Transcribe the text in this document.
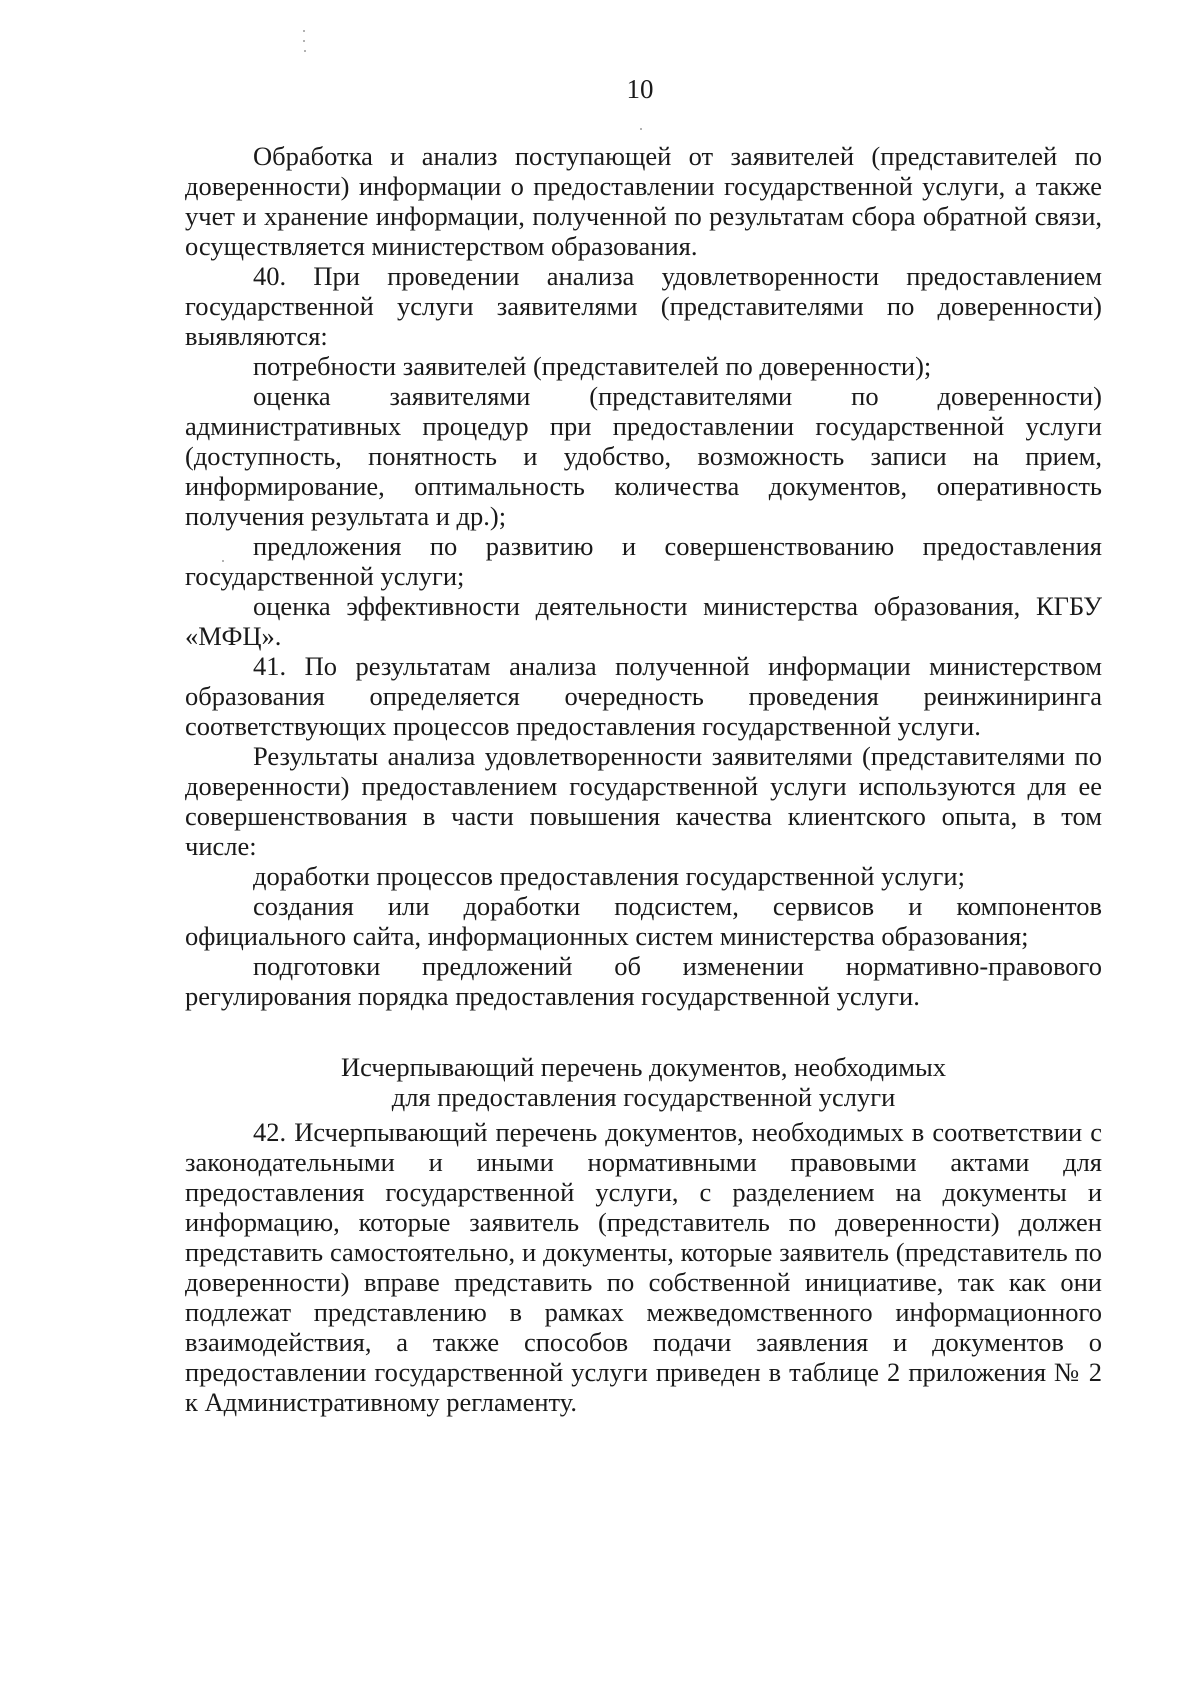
10

Обработка и анализ поступающей от заявителей (представителей по доверенности) информации о предоставлении государственной услуги, а также учет и хранение информации, полученной по результатам сбора обратной связи, осуществляется министерством образования.

40. При проведении анализа удовлетворенности предоставлением государственной услуги заявителями (представителями по доверенности) выявляются:

потребности заявителей (представителей по доверенности);

оценка заявителями (представителями по доверенности) административных процедур при предоставлении государственной услуги (доступность, понятность и удобство, возможность записи на прием, информирование, оптимальность количества документов, оперативность получения результата и др.);

предложения по развитию и совершенствованию предоставления государственной услуги;

оценка эффективности деятельности министерства образования, КГБУ «МФЦ».

41. По результатам анализа полученной информации министерством образования определяется очередность проведения реинжиниринга соответствующих процессов предоставления государственной услуги.

Результаты анализа удовлетворенности заявителями (представителями по доверенности) предоставлением государственной услуги используются для ее совершенствования в части повышения качества клиентского опыта, в том числе:

доработки процессов предоставления государственной услуги;

создания или доработки подсистем, сервисов и компонентов официального сайта, информационных систем министерства образования;

подготовки предложений об изменении нормативно-правового регулирования порядка предоставления государственной услуги.

Исчерпывающий перечень документов, необходимых
для предоставления государственной услуги

42. Исчерпывающий перечень документов, необходимых в соответствии с законодательными и иными нормативными правовыми актами для предоставления государственной услуги, с разделением на документы и информацию, которые заявитель (представитель по доверенности) должен представить самостоятельно, и документы, которые заявитель (представитель по доверенности) вправе представить по собственной инициативе, так как они подлежат представлению в рамках межведомственного информационного взаимодействия, а также способов подачи заявления и документов о предоставлении государственной услуги приведен в таблице 2 приложения № 2 к Административному регламенту.
